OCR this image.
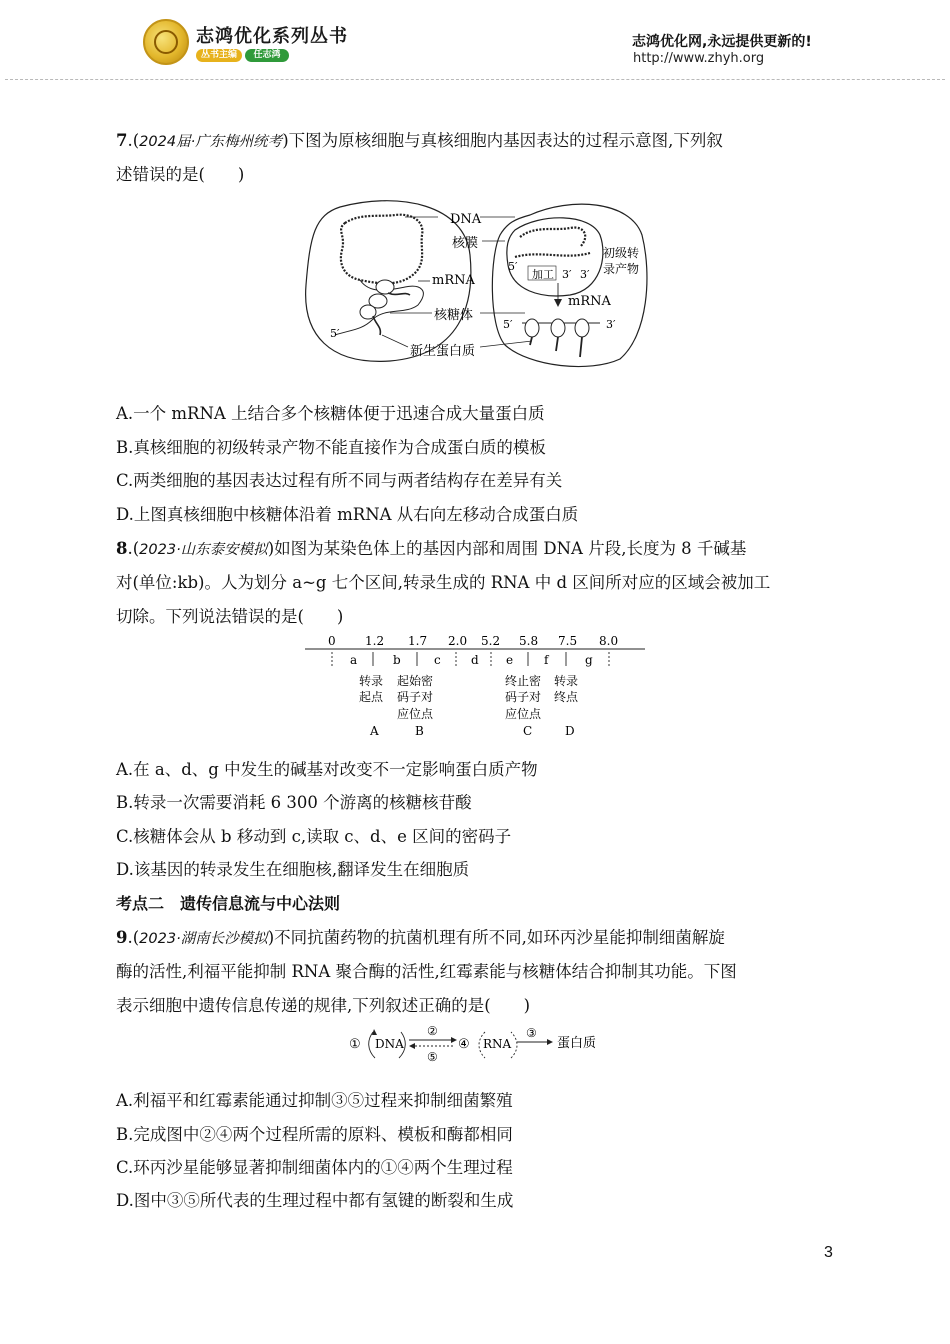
志鸿优化系列丛书
丛书主编	任志鸿
志鸿优化网,永远提供更新的!
http://www.zhyh.org
7.(2024届·广东梅州统考)下图为原核细胞与真核细胞内基因表达的过程示意图,下列叙
述错误的是(　　)
5′
DNA
核膜
mRNA
核糖体
新生蛋白质
5′
加工 3′ 3′
初级转
录产物
mRNA
5′	3′
A.一个 mRNA 上结合多个核糖体便于迅速合成大量蛋白质
B.真核细胞的初级转录产物不能直接作为合成蛋白质的模板
C.两类细胞的基因表达过程有所不同与两者结构存在差异有关
D.上图真核细胞中核糖体沿着 mRNA 从右向左移动合成蛋白质
8.(2023·山东泰安模拟)如图为某染色体上的基因内部和周围 DNA 片段,长度为 8 千碱基
对(单位:kb)。人为划分 a~g 七个区间,转录生成的 RNA 中 d 区间所对应的区域会被加工
切除。下列说法错误的是(　　)
0 1.2 1.7 2.0 5.2 5.8 7.5 8.0
a	b	c	d e	f	g
转录
起点
起始密
码子对
应位点
终止密
码子对
应位点
转录
终点
A	B	C	D
A.在 a、d、g 中发生的碱基对改变不一定影响蛋白质产物
B.转录一次需要消耗 6 300 个游离的核糖核苷酸
C.核糖体会从 b 移动到 c,读取 c、d、e 区间的密码子
D.该基因的转录发生在细胞核,翻译发生在细胞质
考点二　遗传信息流与中心法则
9.(2023·湖南长沙模拟)不同抗菌药物的抗菌机理有所不同,如环丙沙星能抑制细菌解旋
酶的活性,利福平能抑制 RNA 聚合酶的活性,红霉素能与核糖体结合抑制其功能。下图
表示细胞中遗传信息传递的规律,下列叙述正确的是(　　)
① DNA
②
⑤
④ RNA
③
蛋白质
A.利福平和红霉素能通过抑制③⑤过程来抑制细菌繁殖
B.完成图中②④两个过程所需的原料、模板和酶都相同
C.环丙沙星能够显著抑制细菌体内的①④两个生理过程
D.图中③⑤所代表的生理过程中都有氢键的断裂和生成
3
